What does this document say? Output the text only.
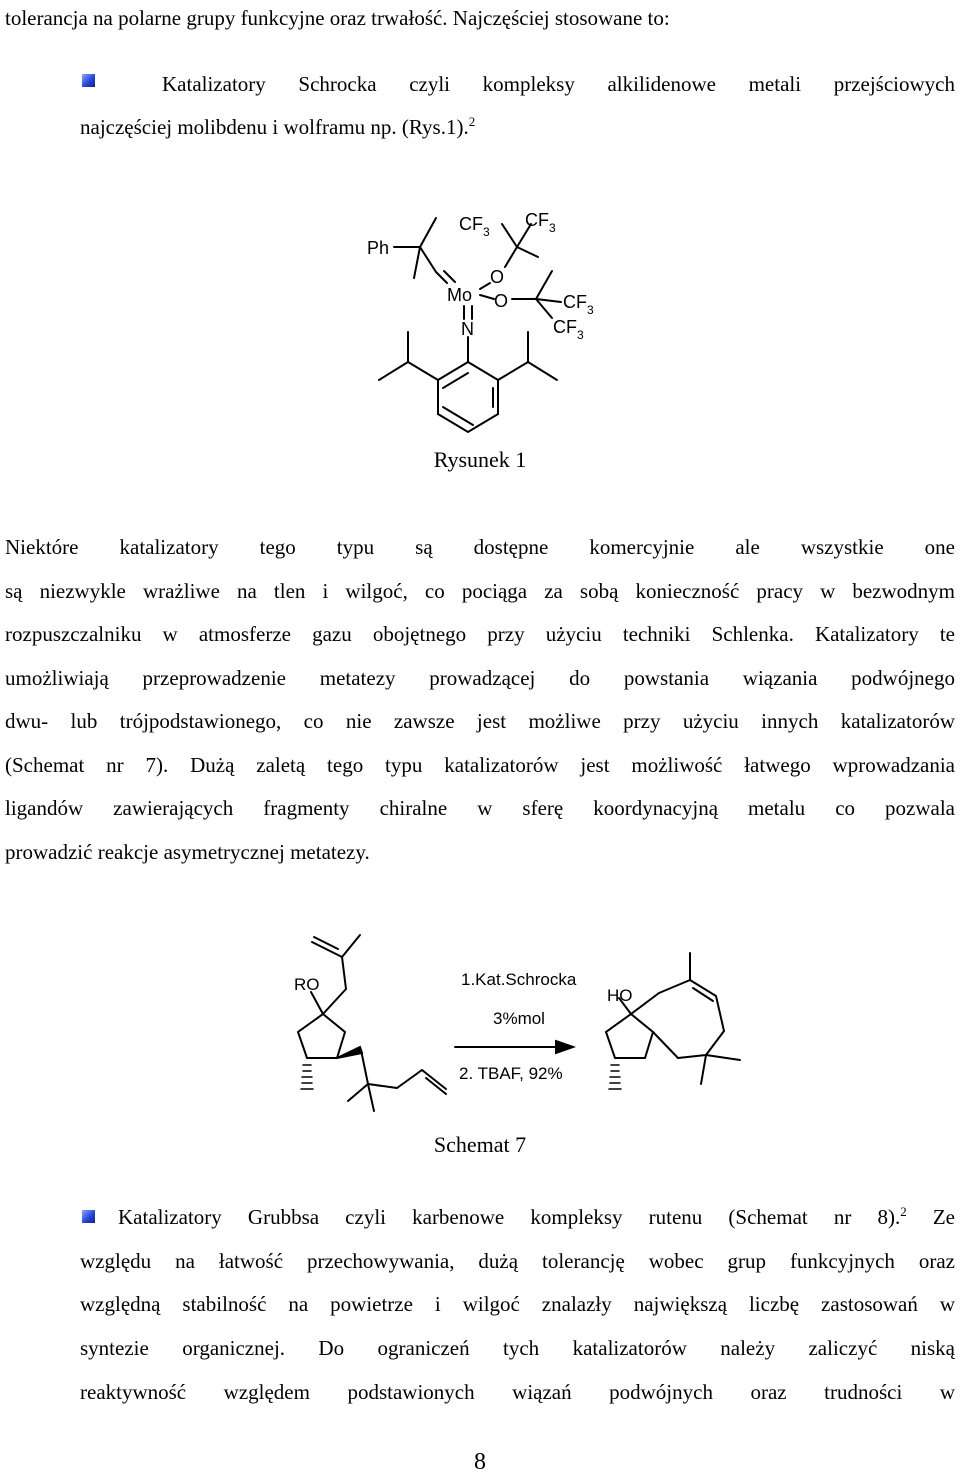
tolerancja na polarne grupy funkcyjne oraz trwałość. Najczęściej stosowane to:
Katalizatory Schrocka czyli kompleksy alkilidenowe metali przejściowych
najczęściej molibdenu i wolframu np. (Rys.1).$^2$
Ph
$CF_3$
$CF_3$
Mo
O
O	$CF_3$
$CF_3$
N
Rysunek 1
Niektóre katalizatory tego typu są dostępne komercyjnie ale wszystkie one
są niezwykle wrażliwe na tlen i wilgoć, co pociąga za sobą konieczność pracy w bezwodnym
rozpuszczalniku w atmosferze gazu obojętnego przy użyciu techniki Schlenka. Katalizatory te
umożliwiają przeprowadzenie metatezy prowadzącej do powstania wiązania podwójnego
dwu- lub trójpodstawionego, co nie zawsze jest możliwe przy użyciu innych katalizatorów
(Schemat nr 7). Dużą zaletą tego typu katalizatorów jest możliwość łatwego wprowadzania
ligandów zawierających fragmenty chiralne w sferę koordynacyjną metalu co pozwala
prowadzić reakcje asymetrycznej metatezy.
RO
HO
1.Kat.Schrocka
3%mol
2. TBAF, 92%
Schemat 7
Katalizatory Grubbsa czyli karbenowe kompleksy rutenu (Schemat nr 8).$^2$ Ze
względu na łatwość przechowywania, dużą tolerancję wobec grup funkcyjnych oraz
względną stabilność na powietrze i wilgoć znalazły największą liczbę zastosowań w
syntezie organicznej. Do ograniczeń tych katalizatorów należy zaliczyć niską
reaktywność względem podstawionych wiązań podwójnych oraz trudności w
8
